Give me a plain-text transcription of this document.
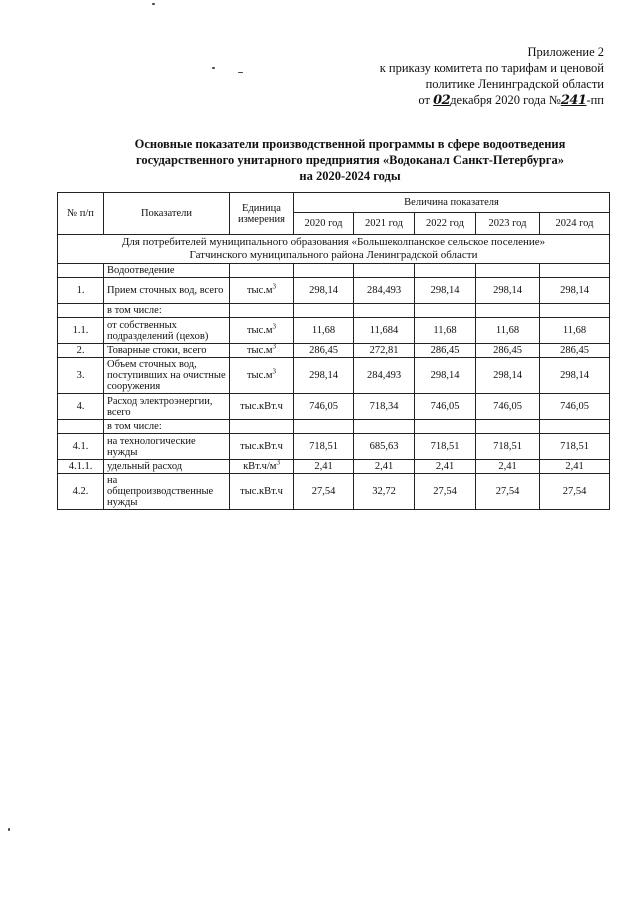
Приложение 2
к приказу комитета по тарифам и ценовой
политике Ленинградской области
от 02декабря 2020 года №241-пп
Основные показатели производственной программы в сфере водоотведения
государственного унитарного предприятия «Водоканал Санкт-Петербурга»
на 2020-2024 годы
№ п/п	Показатели	Единица измерения	Величина показателя				
			2020 год	2021 год	2022 год	2023 год	2024 год

Для потребителей муниципального образования «Большеколпанское сельское поселение»
Гатчинского муниципального района Ленинградской области							

	Водоотведение						
1.	Прием сточных вод, всего	$тыс.м^3$	298,14	284,493	298,14	298,14	298,14
	в том числе:						
1.1.	от собственных подразделений (цехов)	$тыс.м^3$	11,68	11,684	11,68	11,68	11,68
2.	Товарные стоки, всего	$тыс.м^3$	286,45	272,81	286,45	286,45	286,45
3.	Объем сточных вод, поступивших на очистные сооружения	$тыс.м^3$	298,14	284,493	298,14	298,14	298,14
4.	Расход электроэнергии, всего	тыс.кВт.ч	746,05	718,34	746,05	746,05	746,05
	в том числе:						
4.1.	на технологические нужды	тыс.кВт.ч	718,51	685,63	718,51	718,51	718,51
4.1.1.	удельный расход	$кВт.ч/м^3$	2,41	2,41	2,41	2,41	2,41
4.2.	на общепроизводственные нужды	тыс.кВт.ч	27,54	32,72	27,54	27,54	27,54
